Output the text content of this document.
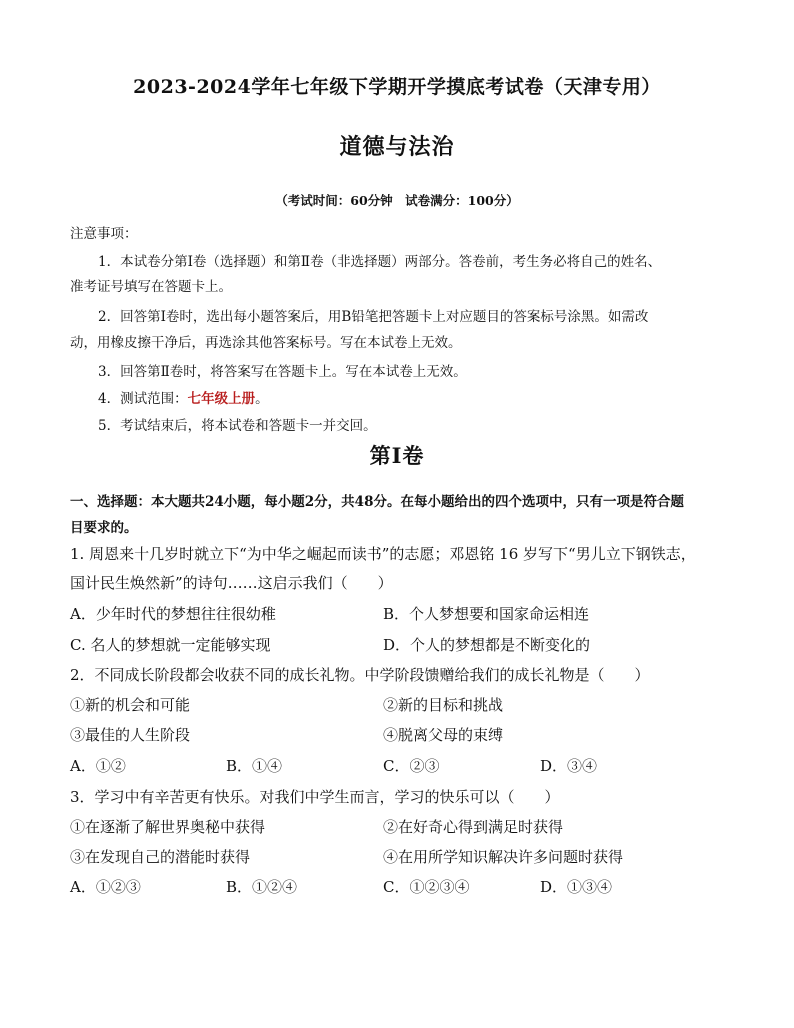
2023-2024学年七年级下学期开学摸底考试卷（天津专用）
道德与法治
（考试时间：60分钟　试卷满分：100分）
注意事项：
1．本试卷分第Ⅰ卷（选择题）和第Ⅱ卷（非选择题）两部分。答卷前，考生务必将自己的姓名、
准考证号填写在答题卡上。
2．回答第Ⅰ卷时，选出每小题答案后，用B铅笔把答题卡上对应题目的答案标号涂黑。如需改
动，用橡皮擦干净后，再选涂其他答案标号。写在本试卷上无效。
3．回答第Ⅱ卷时，将答案写在答题卡上。写在本试卷上无效。
4．测试范围：七年级上册。
5．考试结束后，将本试卷和答题卡一并交回。
第Ⅰ卷
一、选择题：本大题共24小题，每小题2分，共48分。在每小题给出的四个选项中，只有一项是符合题
目要求的。
1. 周恩来十几岁时就立下“为中华之崛起而读书”的志愿；邓恩铭 16 岁写下“男儿立下钢铁志，
国计民生焕然新”的诗句……这启示我们（　　）
A．少年时代的梦想往往很幼稚	B．个人梦想要和国家命运相连
C. 名人的梦想就一定能够实现	D．个人的梦想都是不断变化的
2．不同成长阶段都会收获不同的成长礼物。中学阶段馈赠给我们的成长礼物是（　　）
①新的机会和可能	②新的目标和挑战
③最佳的人生阶段	④脱离父母的束缚
A．①②	B．①④	C．②③	D．③④
3．学习中有辛苦更有快乐。对我们中学生而言，学习的快乐可以（　　）
①在逐渐了解世界奥秘中获得	②在好奇心得到满足时获得
③在发现自己的潜能时获得	④在用所学知识解决许多问题时获得
A．①②③	B．①②④	C．①②③④	D．①③④
